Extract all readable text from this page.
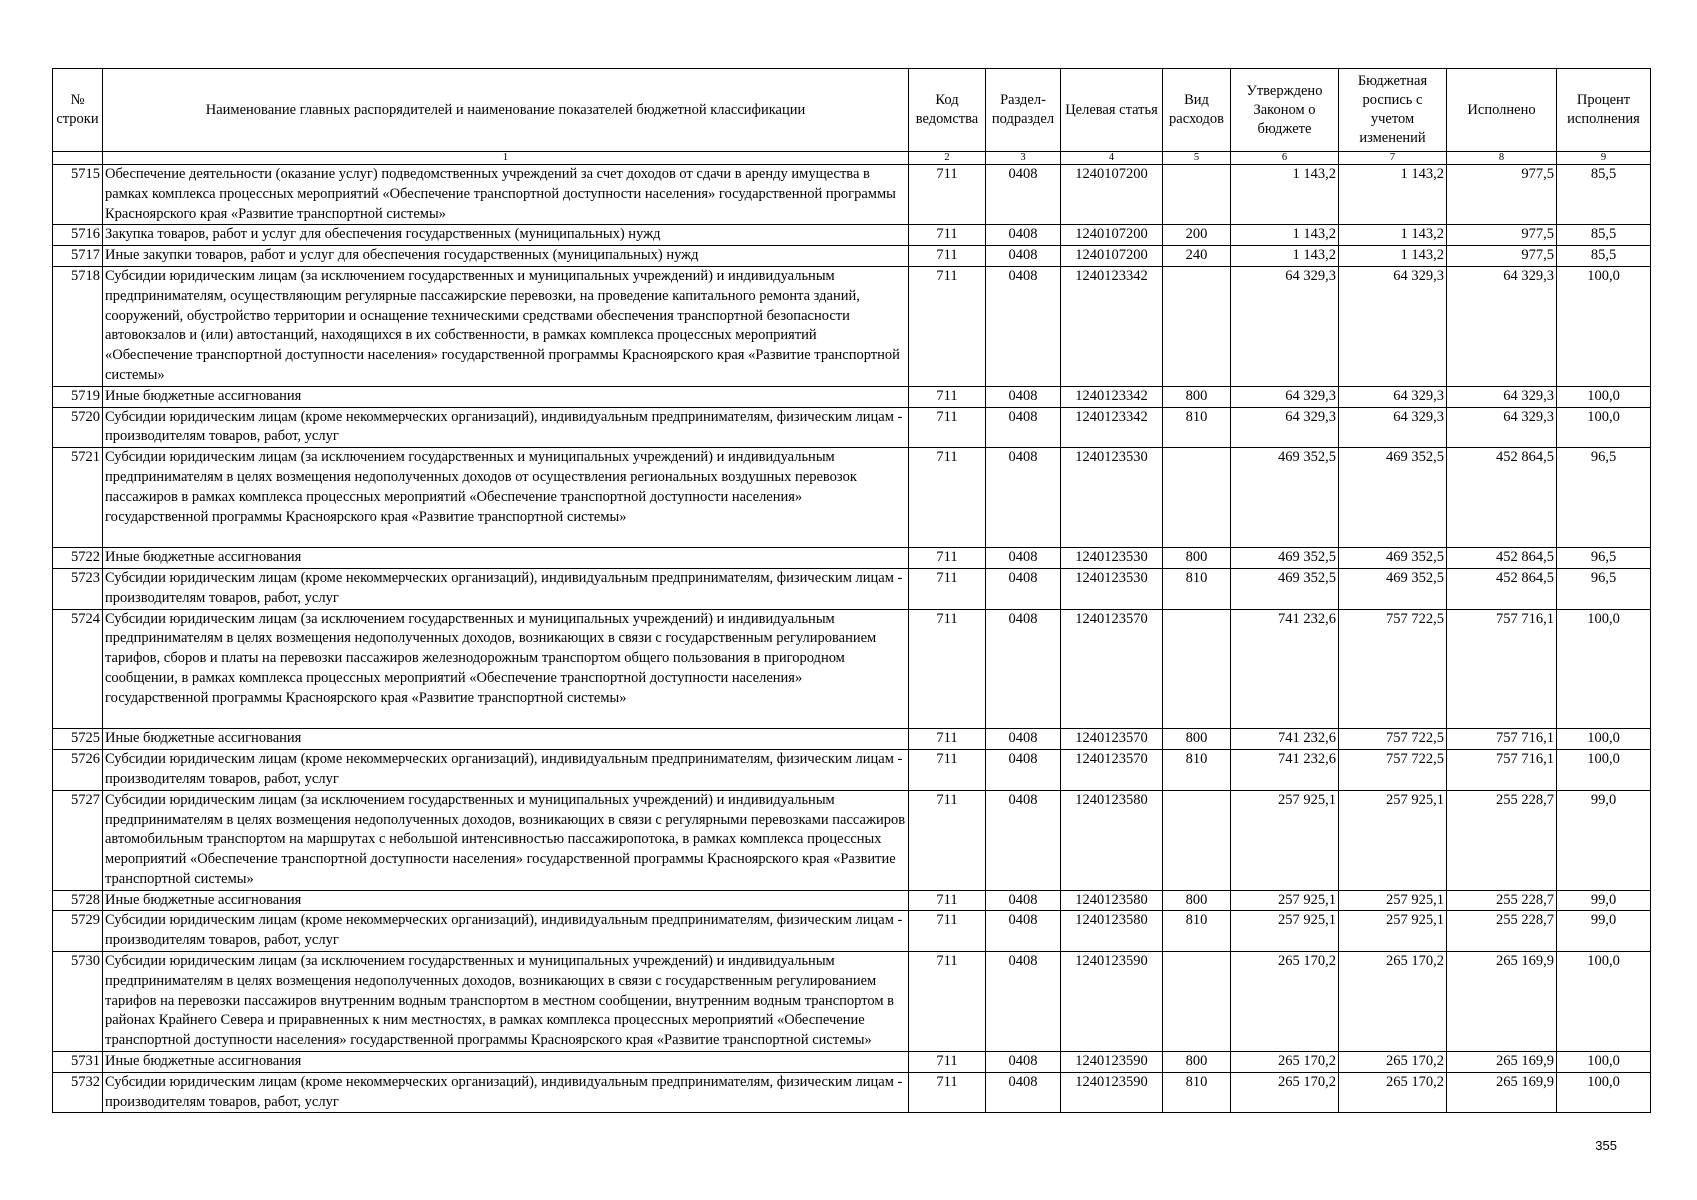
№ строки	Наименование главных распорядителей и наименование показателей бюджетной классификации	Код ведомства	Раздел-подраздел	Целевая статья	Вид расходов	Утверждено Законом о бюджете	Бюджетная роспись с учетом изменений	Исполнено	Процент исполнения
	1	2	3	4	5	6	7	8	9
5715	Обеспечение деятельности (оказание услуг) подведомственных учреждений за счет доходов от сдачи в аренду имущества в рамках комплекса процессных мероприятий «Обеспечение транспортной доступности населения» государственной программы Красноярского края «Развитие транспортной системы»	711	0408	1240107200		1 143,2	1 143,2	977,5	85,5
5716	Закупка товаров, работ и услуг для обеспечения государственных (муниципальных) нужд	711	0408	1240107200	200	1 143,2	1 143,2	977,5	85,5
5717	Иные закупки товаров, работ и услуг для обеспечения государственных (муниципальных) нужд	711	0408	1240107200	240	1 143,2	1 143,2	977,5	85,5
5718	Субсидии юридическим лицам (за исключением государственных и муниципальных учреждений) и индивидуальным предпринимателям, осуществляющим регулярные пассажирские перевозки, на проведение капитального ремонта зданий, сооружений, обустройство территории и оснащение техническими средствами обеспечения транспортной безопасности автовокзалов и (или) автостанций, находящихся в их собственности, в рамках комплекса процессных мероприятий «Обеспечение транспортной доступности населения» государственной программы Красноярского края «Развитие транспортной системы»	711	0408	1240123342		64 329,3	64 329,3	64 329,3	100,0
5719	Иные бюджетные ассигнования	711	0408	1240123342	800	64 329,3	64 329,3	64 329,3	100,0
5720	Субсидии юридическим лицам (кроме некоммерческих организаций), индивидуальным предпринимателям, физическим лицам - производителям товаров, работ, услуг	711	0408	1240123342	810	64 329,3	64 329,3	64 329,3	100,0
5721	Субсидии юридическим лицам (за исключением государственных и муниципальных учреждений) и индивидуальным предпринимателям в целях возмещения недополученных доходов от осуществления региональных воздушных перевозок пассажиров в рамках комплекса процессных мероприятий «Обеспечение транспортной доступности населения» государственной программы Красноярского края «Развитие транспортной системы»	711	0408	1240123530		469 352,5	469 352,5	452 864,5	96,5
5722	Иные бюджетные ассигнования	711	0408	1240123530	800	469 352,5	469 352,5	452 864,5	96,5
5723	Субсидии юридическим лицам (кроме некоммерческих организаций), индивидуальным предпринимателям, физическим лицам - производителям товаров, работ, услуг	711	0408	1240123530	810	469 352,5	469 352,5	452 864,5	96,5
5724	Субсидии юридическим лицам (за исключением государственных и муниципальных учреждений) и индивидуальным предпринимателям в целях возмещения недополученных доходов, возникающих в связи с государственным регулированием тарифов, сборов и платы на перевозки пассажиров железнодорожным транспортом общего пользования в пригородном сообщении, в рамках комплекса процессных мероприятий «Обеспечение транспортной доступности населения» государственной программы Красноярского края «Развитие транспортной системы»	711	0408	1240123570		741 232,6	757 722,5	757 716,1	100,0
5725	Иные бюджетные ассигнования	711	0408	1240123570	800	741 232,6	757 722,5	757 716,1	100,0
5726	Субсидии юридическим лицам (кроме некоммерческих организаций), индивидуальным предпринимателям, физическим лицам - производителям товаров, работ, услуг	711	0408	1240123570	810	741 232,6	757 722,5	757 716,1	100,0
5727	Субсидии юридическим лицам (за исключением государственных и муниципальных учреждений) и индивидуальным предпринимателям в целях возмещения недополученных доходов, возникающих в связи с регулярными перевозками пассажиров автомобильным транспортом на маршрутах с небольшой интенсивностью пассажиропотока, в рамках комплекса процессных мероприятий «Обеспечение транспортной доступности населения» государственной программы Красноярского края «Развитие транспортной системы»	711	0408	1240123580		257 925,1	257 925,1	255 228,7	99,0
5728	Иные бюджетные ассигнования	711	0408	1240123580	800	257 925,1	257 925,1	255 228,7	99,0
5729	Субсидии юридическим лицам (кроме некоммерческих организаций), индивидуальным предпринимателям, физическим лицам - производителям товаров, работ, услуг	711	0408	1240123580	810	257 925,1	257 925,1	255 228,7	99,0
5730	Субсидии юридическим лицам (за исключением государственных и муниципальных учреждений) и индивидуальным предпринимателям в целях возмещения недополученных доходов, возникающих в связи с государственным регулированием тарифов на перевозки пассажиров внутренним водным транспортом в местном сообщении, внутренним водным транспортом в районах Крайнего Севера и приравненных к ним местностях, в рамках комплекса процессных мероприятий «Обеспечение транспортной доступности населения» государственной программы Красноярского края «Развитие транспортной системы»	711	0408	1240123590		265 170,2	265 170,2	265 169,9	100,0
5731	Иные бюджетные ассигнования	711	0408	1240123590	800	265 170,2	265 170,2	265 169,9	100,0
5732	Субсидии юридическим лицам (кроме некоммерческих организаций), индивидуальным предпринимателям, физическим лицам - производителям товаров, работ, услуг	711	0408	1240123590	810	265 170,2	265 170,2	265 169,9	100,0
355
